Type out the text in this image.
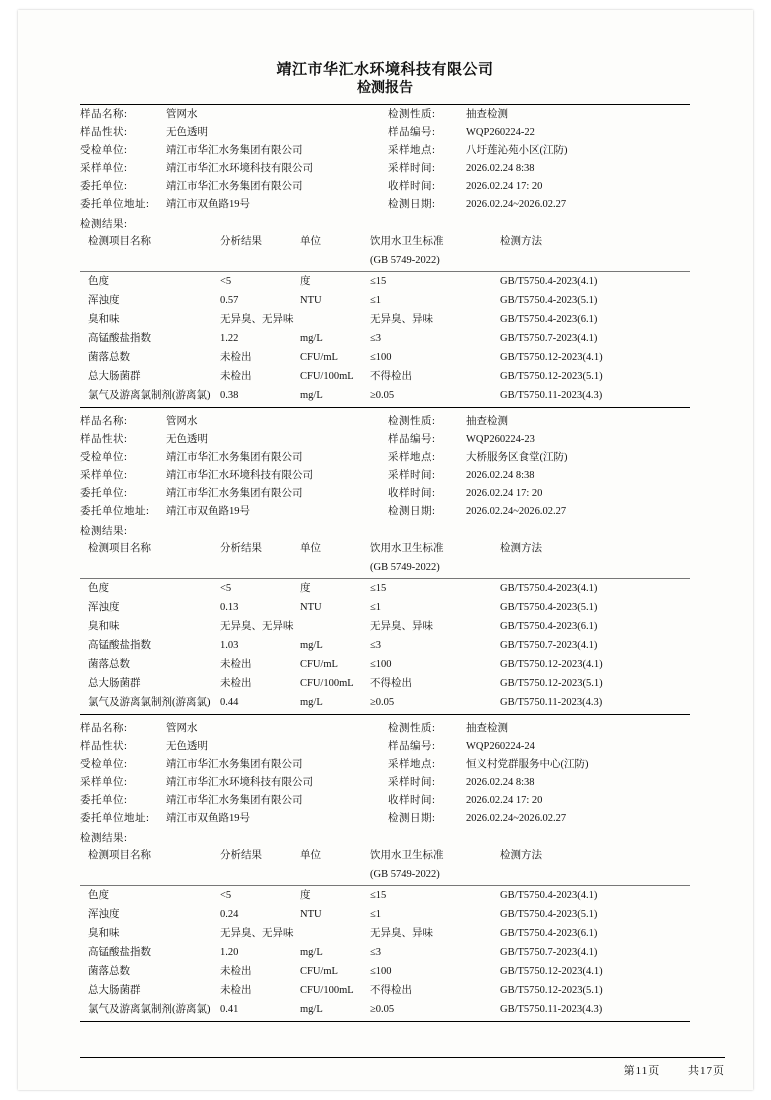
靖江市华汇水环境科技有限公司
检测报告
样品名称:	管网水	检测性质:	抽查检测
样品性状:	无色透明	样品编号:	WQP260224-22
受检单位:	靖江市华汇水务集团有限公司	采样地点:	八圩莲沁苑小区(江防)
采样单位:	靖江市华汇水环境科技有限公司	采样时间:	2026.02.24 8:38
委托单位:	靖江市华汇水务集团有限公司	收样时间:	2026.02.24 17: 20
委托单位地址:	靖江市双鱼路19号	检测日期:	2026.02.24~2026.02.27
检测结果:
检测项目名称	分析结果	单位	饮用水卫生标准	检测方法
			(GB 5749-2022)	
色度	<5	度	≤15	GB/T5750.4-2023(4.1)
浑浊度	0.57	NTU	≤1	GB/T5750.4-2023(5.1)
臭和味	无异臭、无异味		无异臭、异味	GB/T5750.4-2023(6.1)
高锰酸盐指数	1.22	mg/L	≤3	GB/T5750.7-2023(4.1)
菌落总数	未检出	CFU/mL	≤100	GB/T5750.12-2023(4.1)
总大肠菌群	未检出	CFU/100mL	不得检出	GB/T5750.12-2023(5.1)
氯气及游离氯制剂(游离氯)	0.38	mg/L	≥0.05	GB/T5750.11-2023(4.3)
样品名称:	管网水	检测性质:	抽查检测
样品性状:	无色透明	样品编号:	WQP260224-23
受检单位:	靖江市华汇水务集团有限公司	采样地点:	大桥服务区食堂(江防)
采样单位:	靖江市华汇水环境科技有限公司	采样时间:	2026.02.24 8:38
委托单位:	靖江市华汇水务集团有限公司	收样时间:	2026.02.24 17: 20
委托单位地址:	靖江市双鱼路19号	检测日期:	2026.02.24~2026.02.27
检测结果:
检测项目名称	分析结果	单位	饮用水卫生标准	检测方法
			(GB 5749-2022)	
色度	<5	度	≤15	GB/T5750.4-2023(4.1)
浑浊度	0.13	NTU	≤1	GB/T5750.4-2023(5.1)
臭和味	无异臭、无异味		无异臭、异味	GB/T5750.4-2023(6.1)
高锰酸盐指数	1.03	mg/L	≤3	GB/T5750.7-2023(4.1)
菌落总数	未检出	CFU/mL	≤100	GB/T5750.12-2023(4.1)
总大肠菌群	未检出	CFU/100mL	不得检出	GB/T5750.12-2023(5.1)
氯气及游离氯制剂(游离氯)	0.44	mg/L	≥0.05	GB/T5750.11-2023(4.3)
样品名称:	管网水	检测性质:	抽查检测
样品性状:	无色透明	样品编号:	WQP260224-24
受检单位:	靖江市华汇水务集团有限公司	采样地点:	恒义村党群服务中心(江防)
采样单位:	靖江市华汇水环境科技有限公司	采样时间:	2026.02.24 8:38
委托单位:	靖江市华汇水务集团有限公司	收样时间:	2026.02.24 17: 20
委托单位地址:	靖江市双鱼路19号	检测日期:	2026.02.24~2026.02.27
检测结果:
检测项目名称	分析结果	单位	饮用水卫生标准	检测方法
			(GB 5749-2022)	
色度	<5	度	≤15	GB/T5750.4-2023(4.1)
浑浊度	0.24	NTU	≤1	GB/T5750.4-2023(5.1)
臭和味	无异臭、无异味		无异臭、异味	GB/T5750.4-2023(6.1)
高锰酸盐指数	1.20	mg/L	≤3	GB/T5750.7-2023(4.1)
菌落总数	未检出	CFU/mL	≤100	GB/T5750.12-2023(4.1)
总大肠菌群	未检出	CFU/100mL	不得检出	GB/T5750.12-2023(5.1)
氯气及游离氯制剂(游离氯)	0.41	mg/L	≥0.05	GB/T5750.11-2023(4.3)
第11页	共17页
